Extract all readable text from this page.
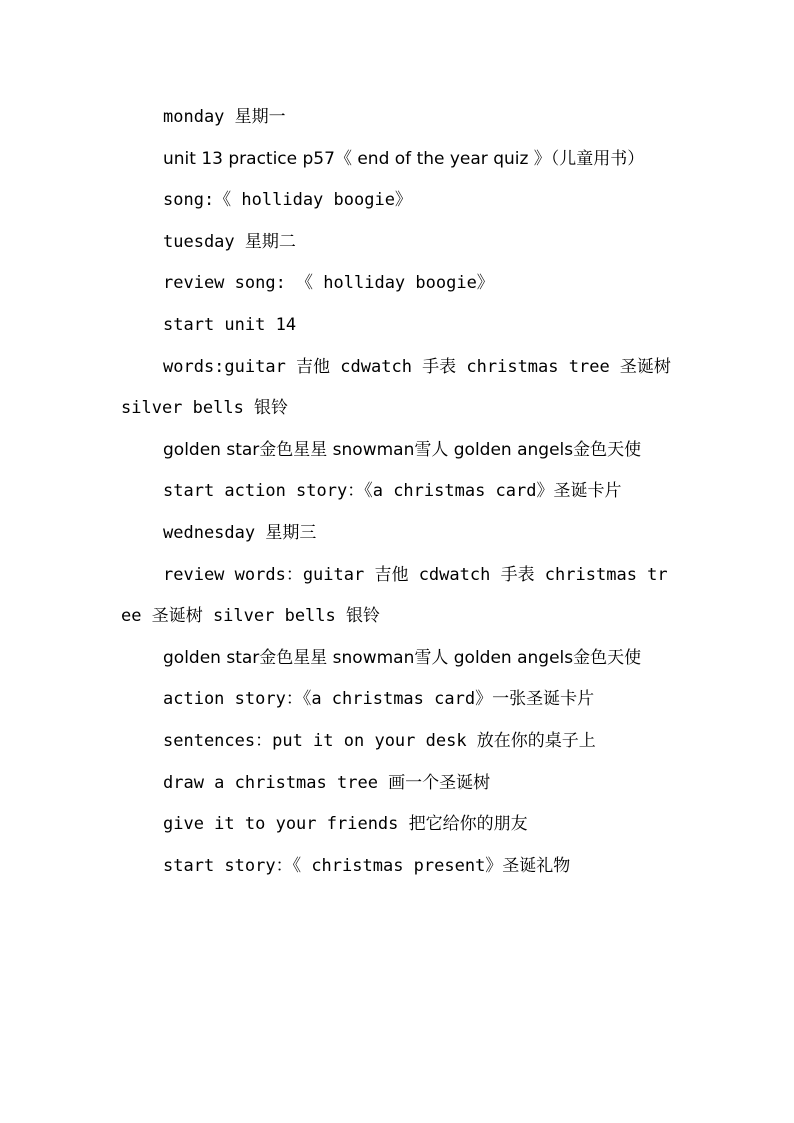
monday 星期一

unit 13 practice p57《 end of the year quiz 》（儿童用书）

song:《 holliday boogie》

tuesday 星期二

review song: 《 holliday boogie》

start unit 14

words:guitar 吉他 cdwatch 手表 christmas tree 圣诞树 silver bells 银铃

golden star金色星星 snowman雪人 golden angels金色天使

start action story：《a christmas card》圣诞卡片

wednesday 星期三

review words：guitar 吉他 cdwatch 手表 christmas tree 圣诞树 silver bells 银铃

golden star金色星星 snowman雪人 golden angels金色天使

action story：《a christmas card》一张圣诞卡片

sentences：put it on your desk 放在你的桌子上

draw a christmas tree 画一个圣诞树

give it to your friends 把它给你的朋友

start story：《 christmas present》圣诞礼物
